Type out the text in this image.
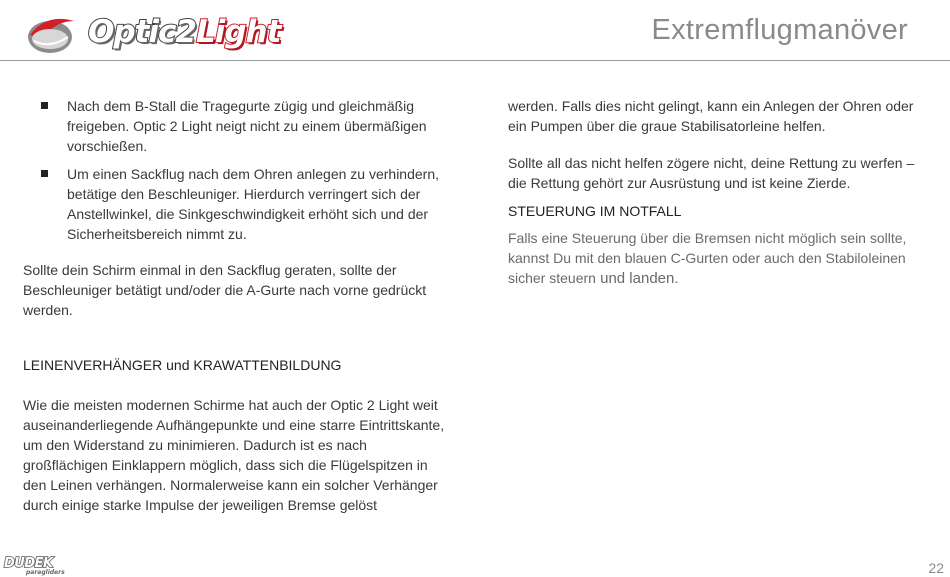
Optic2Light	Extremflugmanöver
Nach dem B-Stall die Tragegurte zügig und gleichmäßig freigeben. Optic 2 Light neigt nicht zu einem übermäßigen vorschießen.
Um einen Sackflug nach dem Ohren anlegen zu verhindern, betätige den Beschleuniger. Hierdurch verringert sich der Anstellwinkel, die Sinkgeschwindigkeit erhöht sich und der Sicherheitsbereich nimmt zu.

Sollte dein Schirm einmal in den Sackflug geraten, sollte der Beschleuniger betätigt und/oder die A-Gurte nach vorne gedrückt werden.

LEINENVERHÄNGER und KRAWATTENBILDUNG

Wie die meisten modernen Schirme hat auch der Optic 2 Light weit auseinanderliegende Aufhängepunkte und eine starre Eintrittskante, um den Widerstand zu minimieren. Dadurch ist es nach großflächigen Einklappern möglich, dass sich die Flügelspitzen in den Leinen verhängen. Normalerweise kann ein solcher Verhänger durch einige starke Impulse der jeweiligen Bremse gelöst

werden. Falls dies nicht gelingt, kann ein Anlegen der Ohren oder ein Pumpen über die graue Stabilisatorleine helfen.

Sollte all das nicht helfen zögere nicht, deine Rettung zu werfen – die Rettung gehört zur Ausrüstung und ist keine Zierde.

STEUERUNG IM NOTFALL

Falls eine Steuerung über die Bremsen nicht möglich sein sollte, kannst Du mit den blauen C-Gurten oder auch den Stabiloleinen sicher steuern und landen.

DUDEK
paragliders	22
